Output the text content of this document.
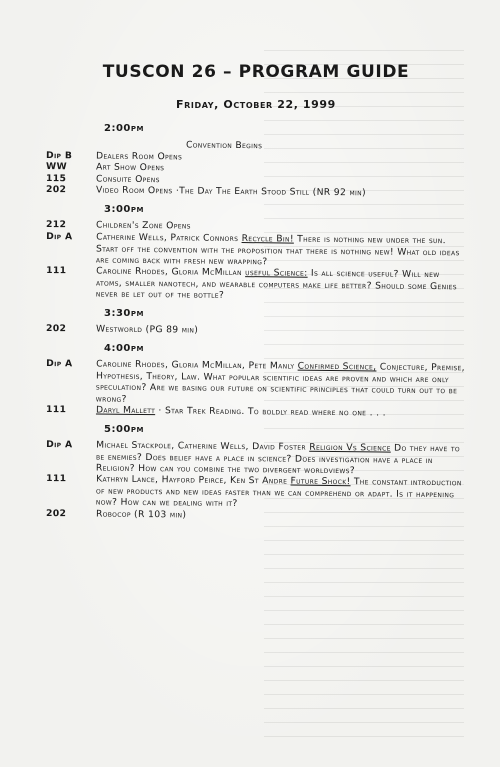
TUSCON 26 – PROGRAM GUIDE
Friday, October 22, 1999
2:00pm
Convention Begins
Dip B	Dealers Room Opens
WW	Art Show Opens
115	Consuite Opens
202	Video Room Opens ·The Day The Earth Stood Still (NR 92 min)
3:00pm
212	Children's Zone Opens
Dip A	Catherine Wells, Patrick Connors Recycle Bin! There is nothing new under the sun. Start off the convention with the proposition that there is nothing new! What old ideas are coming back with fresh new wrapping?
111	Caroline Rhodes, Gloria McMillan useful Science: Is all science useful? Will new atoms, smaller nanotech, and wearable computers make life better? Should some Genies never be let out of the bottle?
3:30pm
202	Westworld (PG 89 min)
4:00pm
Dip A	Caroline Rhodes, Gloria McMillan, Pete Manly Confirmed Science, Conjecture, Premise, Hypothesis, Theory, Law. What popular scientific ideas are proven and which are only speculation? Are we basing our future on scientific principles that could turn out to be wrong?
111	Daryl Mallett · Star Trek Reading. To boldly read where no one . . .
5:00pm
Dip A	Michael Stackpole, Catherine Wells, David Foster Religion Vs Science Do they have to be enemies? Does belief have a place in science? Does investigation have a place in Religion? How can you combine the two divergent worldviews?
111	Kathryn Lance, Hayford Peirce, Ken St Andre Future Shock! The constant introduction of new products and new ideas faster than we can comprehend or adapt. Is it happening now? How can we dealing with it?
202	Robocop (R 103 min)
